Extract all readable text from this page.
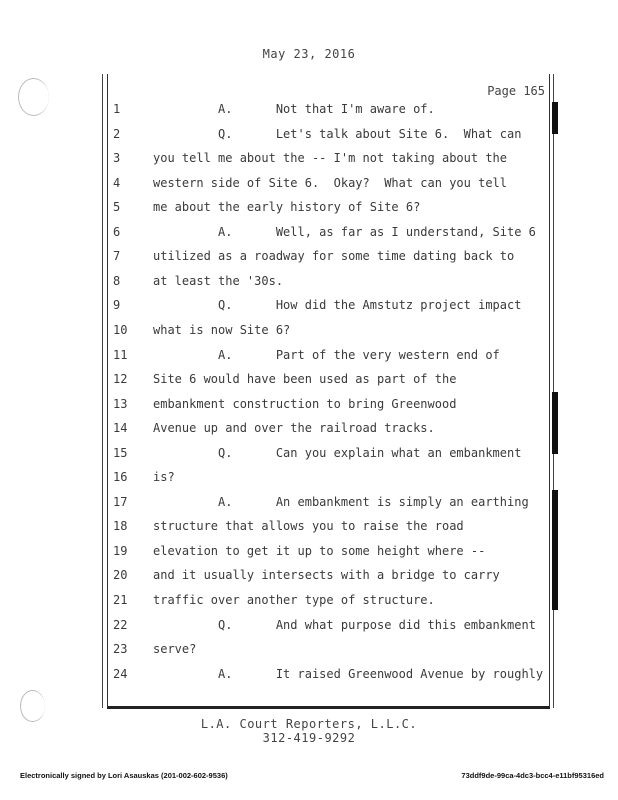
May 23, 2016
Page 165
1	A.      Not that I'm aware of.
2	Q.      Let's talk about Site 6.  What can
3	you tell me about the -- I'm not taking about the
4	western side of Site 6.  Okay?  What can you tell
5	me about the early history of Site 6?
6	A.      Well, as far as I understand, Site 6
7	utilized as a roadway for some time dating back to
8	at least the '30s.
9	Q.      How did the Amstutz project impact
10	what is now Site 6?
11	A.      Part of the very western end of
12	Site 6 would have been used as part of the
13	embankment construction to bring Greenwood
14	Avenue up and over the railroad tracks.
15	Q.      Can you explain what an embankment
16	is?
17	A.      An embankment is simply an earthing
18	structure that allows you to raise the road
19	elevation to get it up to some height where --
20	and it usually intersects with a bridge to carry
21	traffic over another type of structure.
22	Q.      And what purpose did this embankment
23	serve?
24	A.      It raised Greenwood Avenue by roughly
L.A. Court Reporters, L.L.C.
312-419-9292
Electronically signed by Lori Asauskas (201-002-602-9536)	73ddf9de-99ca-4dc3-bcc4-e11bf95316ed
